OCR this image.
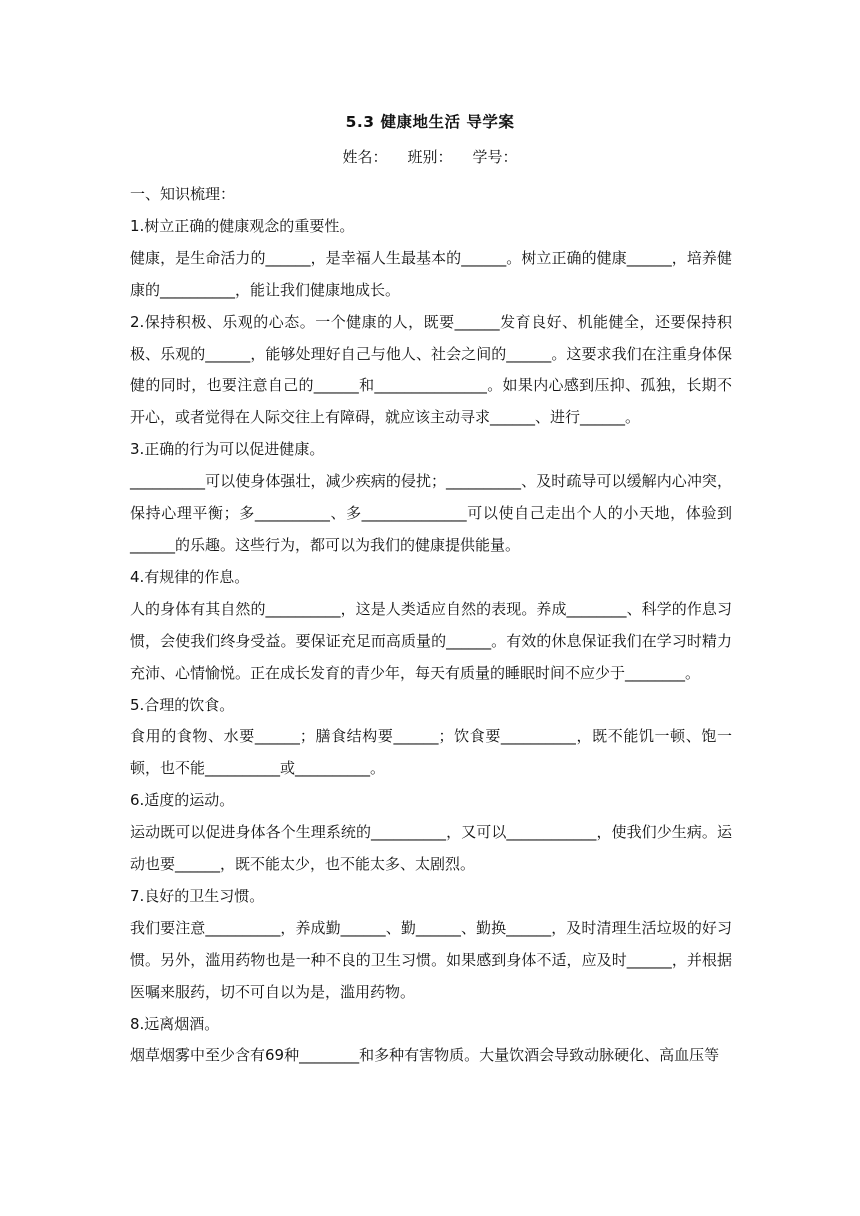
5.3 健康地生活 导学案
姓名： 班别： 学号：

一、知识梳理：

1.树立正确的健康观念的重要性。

健康，是生命活力的______，是幸福人生最基本的______。树立正确的健康______，培养健康的__________，能让我们健康地成长。

2.保持积极、乐观的心态。一个健康的人，既要______发育良好、机能健全，还要保持积极、乐观的______，能够处理好自己与他人、社会之间的______。这要求我们在注重身体保健的同时，也要注意自己的______和_______________。如果内心感到压抑、孤独，长期不开心，或者觉得在人际交往上有障碍，就应该主动寻求______、进行______。

3.正确的行为可以促进健康。

__________可以使身体强壮，减少疾病的侵扰；__________、及时疏导可以缓解内心冲突，保持心理平衡；多__________、多______________可以使自己走出个人的小天地，体验到______的乐趣。这些行为，都可以为我们的健康提供能量。

4.有规律的作息。

人的身体有其自然的__________，这是人类适应自然的表现。养成________、科学的作息习惯，会使我们终身受益。要保证充足而高质量的______。有效的休息保证我们在学习时精力充沛、心情愉悦。正在成长发育的青少年，每天有质量的睡眠时间不应少于________。

5.合理的饮食。

食用的食物、水要______；膳食结构要______；饮食要__________，既不能饥一顿、饱一顿，也不能__________或__________。

6.适度的运动。

运动既可以促进身体各个生理系统的__________，又可以____________，使我们少生病。运动也要______，既不能太少，也不能太多、太剧烈。

7.良好的卫生习惯。

我们要注意__________，养成勤______、勤______、勤换______，及时清理生活垃圾的好习惯。另外，滥用药物也是一种不良的卫生习惯。如果感到身体不适，应及时______，并根据医嘱来服药，切不可自以为是，滥用药物。

8.远离烟酒。

烟草烟雾中至少含有69种________和多种有害物质。大量饮酒会导致动脉硬化、高血压等
